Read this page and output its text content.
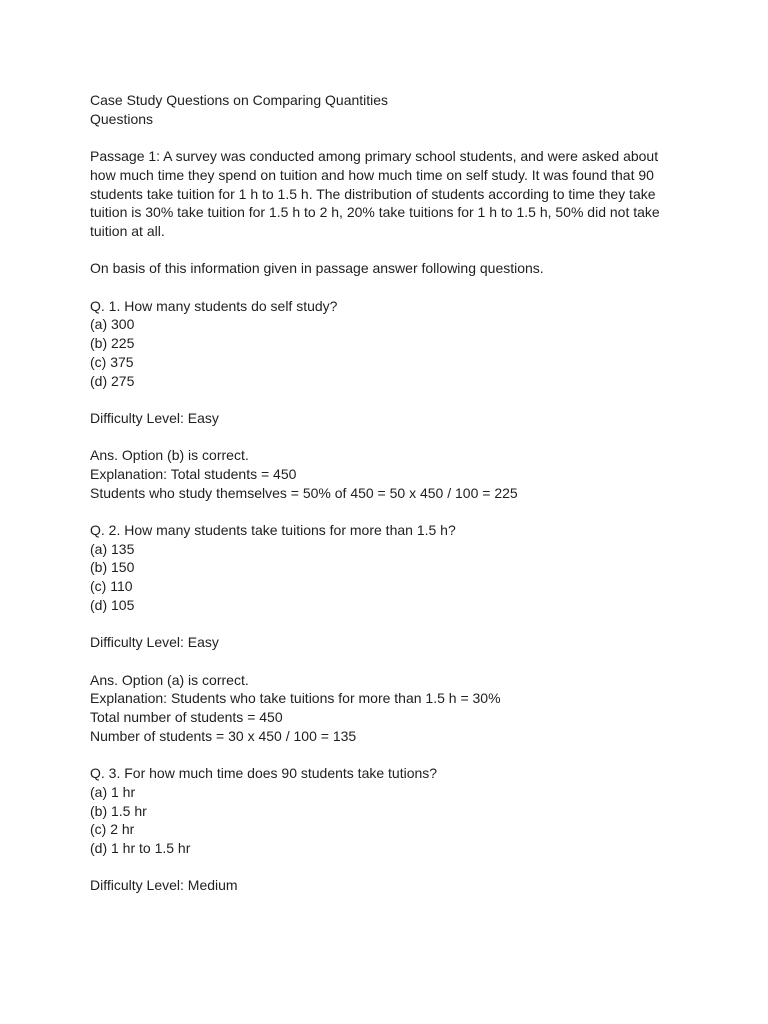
Case Study Questions on Comparing Quantities
Questions
Passage 1: A survey was conducted among primary school students, and were asked about
how much time they spend on tuition and how much time on self study. It was found that 90
students take tuition for 1 h to 1.5 h. The distribution of students according to time they take
tuition is 30% take tuition for 1.5 h to 2 h, 20% take tuitions for 1 h to 1.5 h, 50% did not take
tuition at all.
On basis of this information given in passage answer following questions.
Q. 1. How many students do self study?
(a) 300
(b) 225
(c) 375
(d) 275
Difficulty Level: Easy
Ans. Option (b) is correct.
Explanation: Total students = 450
Students who study themselves = 50% of 450 = 50 x 450 / 100 = 225
Q. 2. How many students take tuitions for more than 1.5 h?
(a) 135
(b) 150
(c) 110
(d) 105
Difficulty Level: Easy
Ans. Option (a) is correct.
Explanation: Students who take tuitions for more than 1.5 h = 30%
Total number of students = 450
Number of students = 30 x 450 / 100 = 135
Q. 3. For how much time does 90 students take tutions?
(a) 1 hr
(b) 1.5 hr
(c) 2 hr
(d) 1 hr to 1.5 hr
Difficulty Level: Medium
